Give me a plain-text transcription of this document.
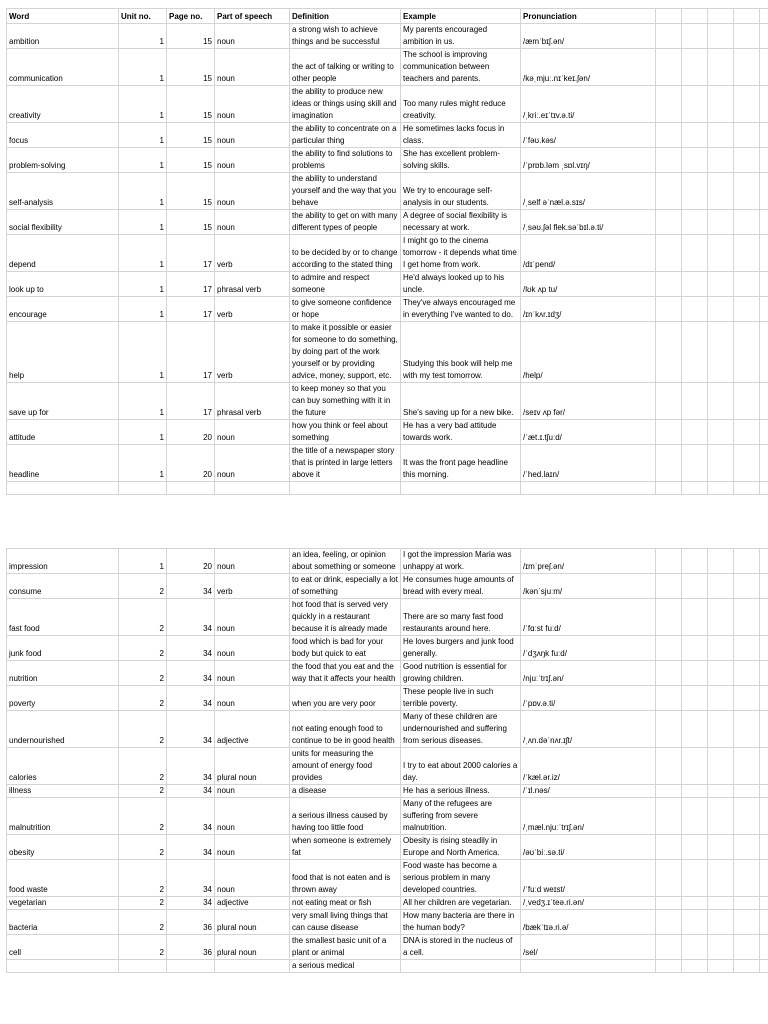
Word	Unit no.	Page no.	Part of speech	Definition	Example	Pronunciation					
ambition	1	15	noun	a strong wish to achieve things and be successful	My parents encouraged ambition in us.	/æmˈbɪʃ.ən/					
communication	1	15	noun	the act of talking or writing to other people	The school is improving communication between teachers and parents.	/kəˌmjuː.nɪˈkeɪ.ʃən/					
creativity	1	15	noun	the ability to produce new ideas or things using skill and imagination	Too many rules might reduce creativity.	/ˌkriː.eɪˈtɪv.ə.ti/					
focus	1	15	noun	the ability to concentrate on a particular thing	He sometimes lacks focus in class.	/ˈfəʊ.kəs/					
problem-solving	1	15	noun	the ability to find solutions to problems	She has excellent problem-solving skills.	/ˈprɒb.ləm ˌsɒl.vɪŋ/					
self-analysis	1	15	noun	the ability to understand yourself and the way that you behave	We try to encourage self-analysis in our students.	/ˌself əˈnæl.ə.sɪs/					
social flexibility	1	15	noun	the ability to get on with many different types of people	A degree of social flexibility is necessary at work.	/ˌsəʊ.ʃəl flek.səˈbɪl.ə.ti/					
depend	1	17	verb	to be decided by or to change according to the stated thing	I might go to the cinema tomorrow - it depends what time I get home from work.	/dɪˈpend/					
look up to	1	17	phrasal verb	to admire and respect someone	He'd always looked up to his uncle.	/lʊk ʌp tu/					
encourage	1	17	verb	to give someone confidence or hope	They've always encouraged me in everything I've wanted to do.	/ɪnˈkʌr.ɪdʒ/					
help	1	17	verb	to make it possible or easier for someone to do something, by doing part of the work yourself or by providing advice, money, support, etc.	Studying this book will help me with my test tomorrow.	/help/					
save up for	1	17	phrasal verb	to keep money so that you can buy something with it in the future	She's saving up for a new bike.	/seɪv ʌp fər/					
attitude	1	20	noun	how you think or feel about something	He has a very bad attitude towards work.	/ˈæt.ɪ.tʃuːd/					
headline	1	20	noun	the title of a newspaper story that is printed in large letters above it	It was the front page headline this morning.	/ˈhed.laɪn/					

impression	1	20	noun	an idea, feeling, or opinion about something or someone	I got the impression Maria was unhappy at work.	/ɪmˈpreʃ.ən/					
consume	2	34	verb	to eat or drink, especially a lot of something	He consumes huge amounts of bread with every meal.	/kənˈsjuːm/					
fast food	2	34	noun	hot food that is served very quickly in a restaurant because it is already made	There are so many fast food restaurants around here.	/ˈfɑːst fuːd/					
junk food	2	34	noun	food which is bad for your body but quick to eat	He loves burgers and junk food generally.	/ˈdʒʌŋk fuːd/					
nutrition	2	34	noun	the food that you eat and the way that it affects your health	Good nutrition is essential for growing children.	/njuːˈtrɪʃ.ən/					
poverty	2	34	noun	when you are very poor	These people live in such terrible poverty.	/ˈpɒv.ə.ti/					
undernourished	2	34	adjective	not eating enough food to continue to be in good health	Many of these children are undernourished and suffering from serious diseases.	/ˌʌn.dəˈnʌr.ɪʃt/					
calories	2	34	plural noun	units for measuring the amount of energy food provides	I try to eat about 2000 calories a day.	/ˈkæl.ər.iz/					
illness	2	34	noun	a disease	He has a serious illness.	/ˈɪl.nəs/					
malnutrition	2	34	noun	a serious illness caused by having too little food	Many of the refugees are suffering from severe malnutrition.	/ˌmæl.njuːˈtrɪʃ.ən/					
obesity	2	34	noun	when someone is extremely fat	Obesity is rising steadily in Europe and North America.	/əʊˈbiː.sə.ti/					
food waste	2	34	noun	food that is not eaten and is thrown away	Food waste has become a serious problem in many developed countries.	/ˈfuːd weɪst/					
vegetarian	2	34	adjective	not eating meat or fish	All her children are vegetarian.	/ˌvedʒ.ɪˈteə.ri.ən/					
bacteria	2	36	plural noun	very small living things that can cause disease	How many bacteria are there in the human body?	/bækˈtɪə.ri.ə/					
cell	2	36	plural noun	the smallest basic unit of a plant or animal	DNA is stored in the nucleus of a cell.	/sel/					
				a serious medical							
